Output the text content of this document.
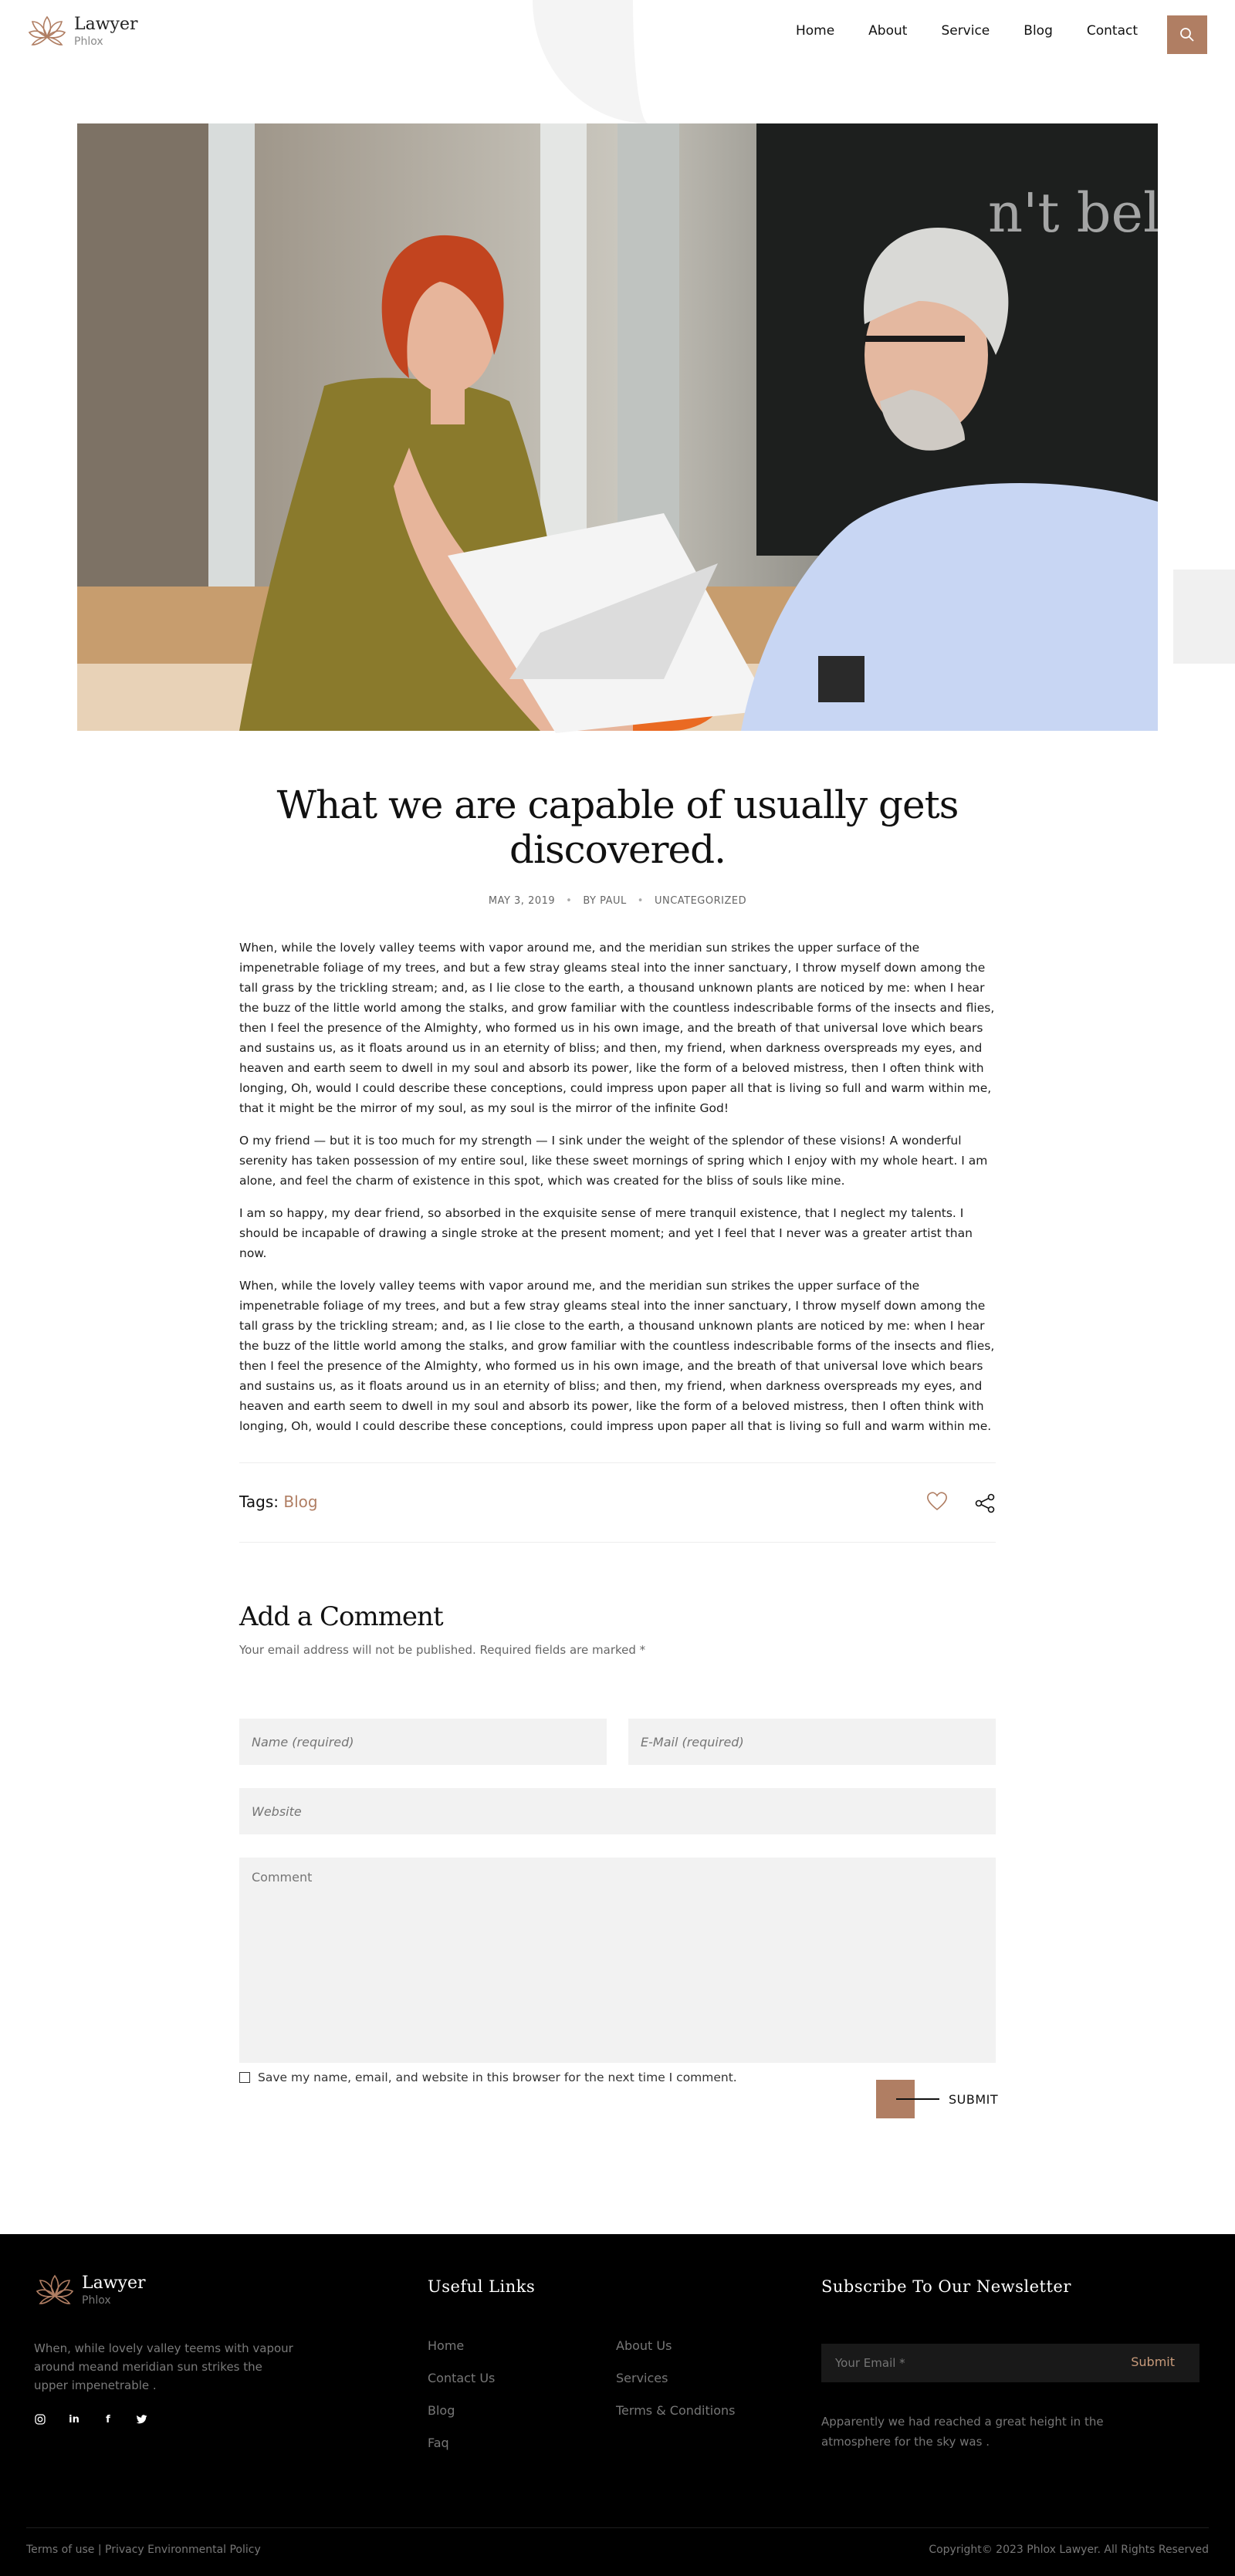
Lawyer
Phlox
Home	About	Service	Blog	Contact
n't beli
What we are capable of usually gets discovered.
MAY 3, 2019 • BY PAUL • UNCATEGORIZED

When, while the lovely valley teems with vapor around me, and the meridian sun strikes the upper surface of the impenetrable foliage of my trees, and but a few stray gleams steal into the inner sanctuary, I throw myself down among the tall grass by the trickling stream; and, as I lie close to the earth, a thousand unknown plants are noticed by me: when I hear the buzz of the little world among the stalks, and grow familiar with the countless indescribable forms of the insects and flies, then I feel the presence of the Almighty, who formed us in his own image, and the breath of that universal love which bears and sustains us, as it floats around us in an eternity of bliss; and then, my friend, when darkness overspreads my eyes, and heaven and earth seem to dwell in my soul and absorb its power, like the form of a beloved mistress, then I often think with longing, Oh, would I could describe these conceptions, could impress upon paper all that is living so full and warm within me, that it might be the mirror of my soul, as my soul is the mirror of the infinite God!

O my friend — but it is too much for my strength — I sink under the weight of the splendor of these visions! A wonderful serenity has taken possession of my entire soul, like these sweet mornings of spring which I enjoy with my whole heart. I am alone, and feel the charm of existence in this spot, which was created for the bliss of souls like mine.

I am so happy, my dear friend, so absorbed in the exquisite sense of mere tranquil existence, that I neglect my talents. I should be incapable of drawing a single stroke at the present moment; and yet I feel that I never was a greater artist than now.

When, while the lovely valley teems with vapor around me, and the meridian sun strikes the upper surface of the impenetrable foliage of my trees, and but a few stray gleams steal into the inner sanctuary, I throw myself down among the tall grass by the trickling stream; and, as I lie close to the earth, a thousand unknown plants are noticed by me: when I hear the buzz of the little world among the stalks, and grow familiar with the countless indescribable forms of the insects and flies, then I feel the presence of the Almighty, who formed us in his own image, and the breath of that universal love which bears and sustains us, as it floats around us in an eternity of bliss; and then, my friend, when darkness overspreads my eyes, and heaven and earth seem to dwell in my soul and absorb its power, like the form of a beloved mistress, then I often think with longing, Oh, would I could describe these conceptions, could impress upon paper all that is living so full and warm within me.

Tags: Blog
Add a Comment
Your email address will not be published. Required fields are marked *
Name (required)
E-Mail (required)
Website
Comment
Save my name, email, and website in this browser for the next time I comment.
SUBMIT
Lawyer
Phlox
When, while lovely valley teems with vapour around meand meridian sun strikes the upper impenetrable .
in	f
Useful Links
Home
Contact Us
Blog
Faq
About Us
Services
Terms & Conditions
Subscribe To Our Newsletter
Your Email *
Submit
Apparently we had reached a great height in the atmosphere for the sky was .
Terms of use | Privacy Environmental Policy	Copyright© 2023 Phlox Lawyer. All Rights Reserved
